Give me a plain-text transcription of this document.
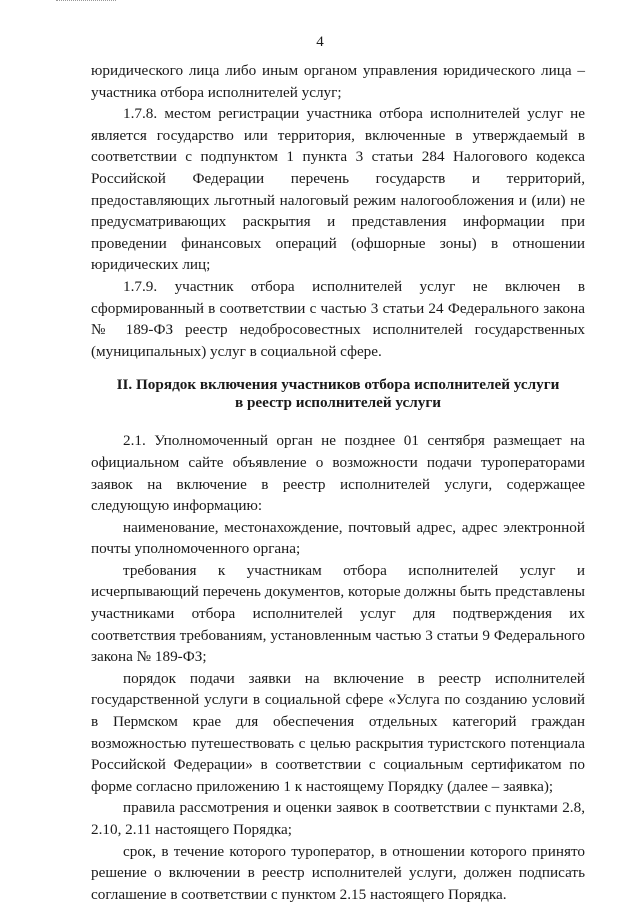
4

юридического лица либо иным органом управления юридического лица – участника отбора исполнителей услуг;

1.7.8. местом регистрации участника отбора исполнителей услуг не является государство или территория, включенные в утверждаемый в соответствии с подпунктом 1 пункта 3 статьи 284 Налогового кодекса Российской Федерации перечень государств и территорий, предоставляющих льготный налоговый режим налогообложения и (или) не предусматривающих раскрытия и представления информации при проведении финансовых операций (офшорные зоны) в отношении юридических лиц;

1.7.9. участник отбора исполнителей услуг не включен в сформированный в соответствии с частью 3 статьи 24 Федерального закона № 189-ФЗ реестр недобросовестных исполнителей государственных (муниципальных) услуг в социальной сфере.

II. Порядок включения участников отбора исполнителей услуги
в реестр исполнителей услуги

2.1. Уполномоченный орган не позднее 01 сентября размещает на официальном сайте объявление о возможности подачи туроператорами заявок на включение в реестр исполнителей услуги, содержащее следующую информацию:

наименование, местонахождение, почтовый адрес, адрес электронной почты уполномоченного органа;

требования к участникам отбора исполнителей услуг и исчерпывающий перечень документов, которые должны быть представлены участниками отбора исполнителей услуг для подтверждения их соответствия требованиям, установленным частью 3 статьи 9 Федерального закона № 189-ФЗ;

порядок подачи заявки на включение в реестр исполнителей государственной услуги в социальной сфере «Услуга по созданию условий в Пермском крае для обеспечения отдельных категорий граждан возможностью путешествовать с целью раскрытия туристского потенциала Российской Федерации» в соответствии с социальным сертификатом по форме согласно приложению 1 к настоящему Порядку (далее – заявка);

правила рассмотрения и оценки заявок в соответствии с пунктами 2.8, 2.10, 2.11 настоящего Порядка;

срок, в течение которого туроператор, в отношении которого принято решение о включении в реестр исполнителей услуги, должен подписать соглашение в соответствии с пунктом 2.15 настоящего Порядка.
